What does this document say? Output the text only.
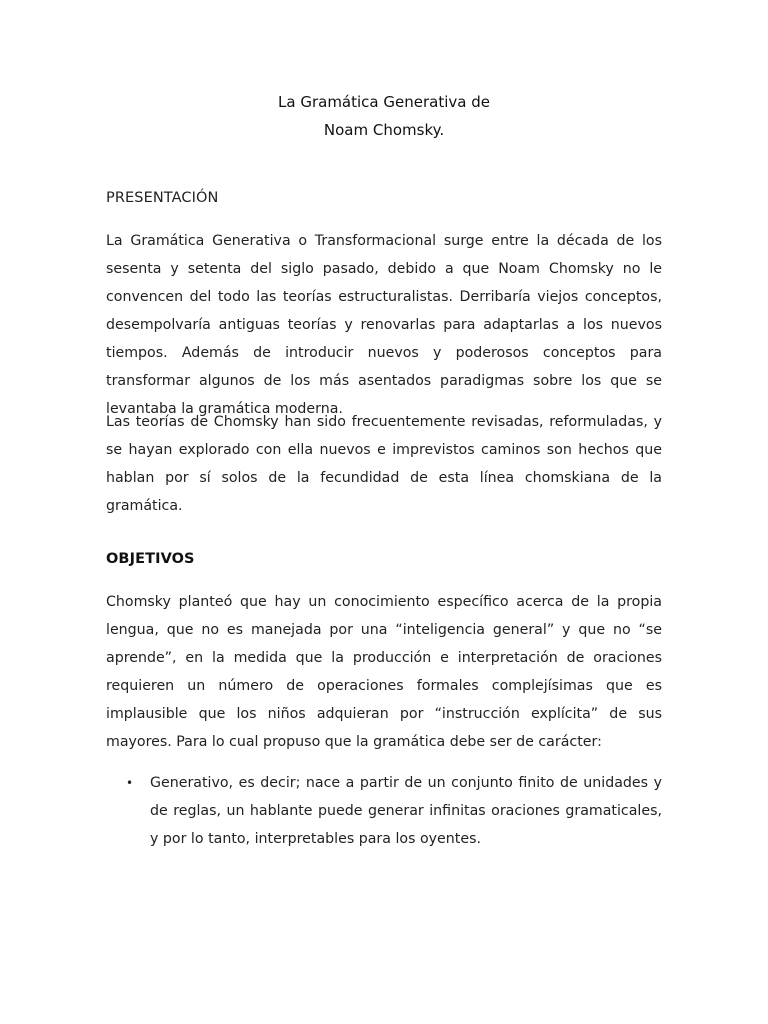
La Gramática Generativa de
Noam Chomsky.
PRESENTACIÓN

La Gramática Generativa o Transformacional surge entre la década de los sesenta y setenta del siglo pasado, debido a que Noam Chomsky no le convencen del todo las teorías estructuralistas. Derribaría viejos conceptos, desempolvaría antiguas teorías y renovarlas para adaptarlas a los nuevos tiempos. Además de introducir nuevos y poderosos conceptos para transformar algunos de los más asentados paradigmas sobre los que se levantaba la gramática moderna.

Las teorías de Chomsky han sido frecuentemente revisadas, reformuladas, y se hayan explorado con ella nuevos e imprevistos caminos son hechos que hablan por sí solos de la fecundidad de esta línea chomskiana de la gramática.

OBJETIVOS

Chomsky planteó que hay un conocimiento específico acerca de la propia lengua, que no es manejada por una “inteligencia general” y que no “se aprende”, en la medida que la producción e interpretación de oraciones requieren un número de operaciones formales complejísimas que es implausible que los niños adquieran por “instrucción explícita” de sus mayores. Para lo cual propuso que la gramática debe ser de carácter:

• Generativo, es decir; nace a partir de un conjunto finito de unidades y de reglas, un hablante puede generar infinitas oraciones gramaticales, y por lo tanto, interpretables para los oyentes.
